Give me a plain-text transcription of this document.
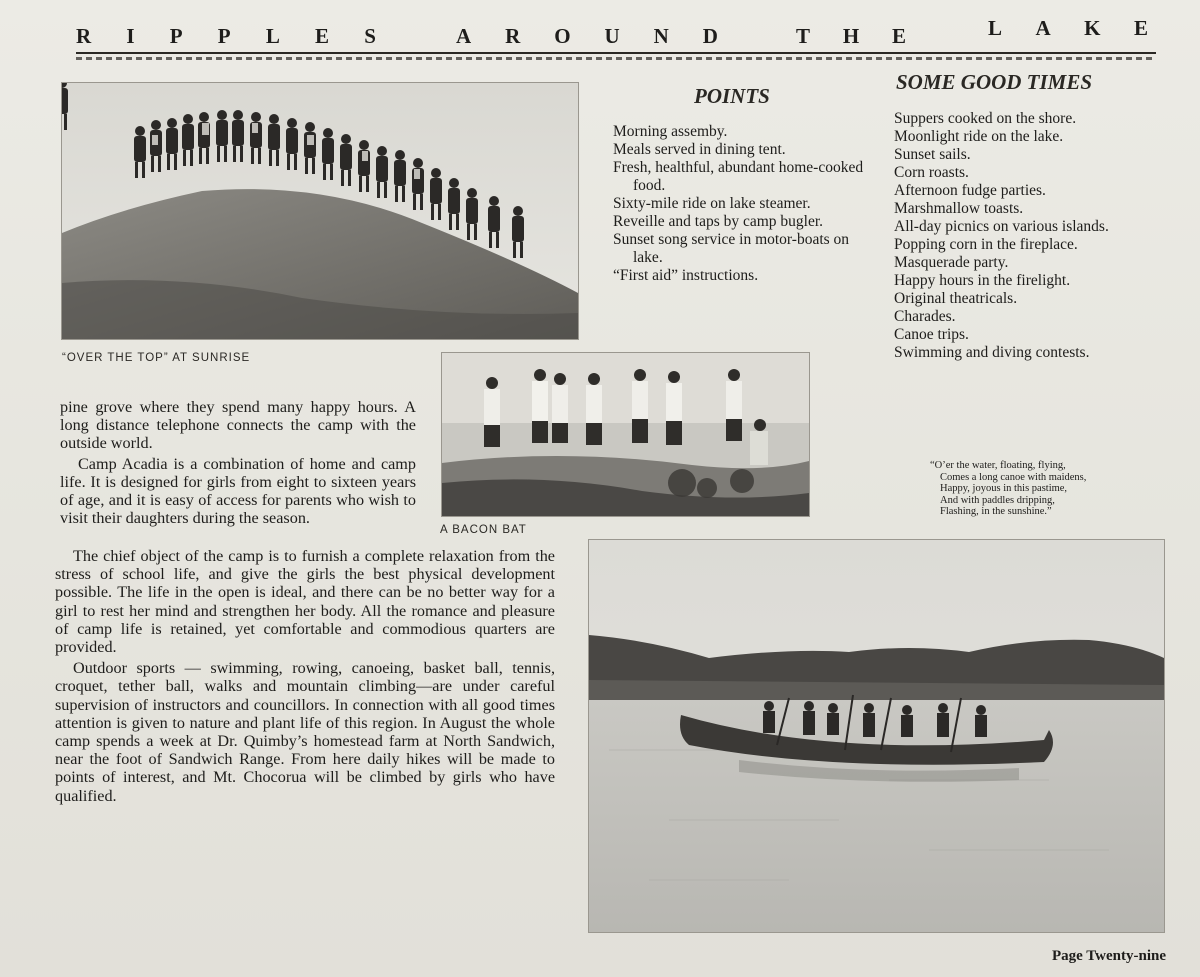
R I P P L E S	A R O U N D	T H E	L A K E
“OVER THE TOP” AT SUNRISE
A BACON BAT
POINTS
Morning assemby.
Meals served in dining tent.
Fresh, healthful, abundant home-cooked food.
Sixty-mile ride on lake steamer.
Reveille and taps by camp bugler.
Sunset song service in motor-boats on lake.
“First aid” instructions.
SOME GOOD TIMES
Suppers cooked on the shore.
Moonlight ride on the lake.
Sunset sails.
Corn roasts.
Afternoon fudge parties.
Marshmallow toasts.
All-day picnics on various islands.
Popping corn in the fireplace.
Masquerade party.
Happy hours in the firelight.
Original theatricals.
Charades.
Canoe trips.
Swimming and diving contests.
“O’er the water, floating, flying,
Comes a long canoe with maidens,
Happy, joyous in this pastime,
And with paddles dripping,
Flashing, in the sunshine.”

pine grove where they spend many happy hours. A long distance telephone connects the camp with the outside world.

Camp Acadia is a combination of home and camp life. It is designed for girls from eight to sixteen years of age, and it is easy of access for parents who wish to visit their daughters during the season.

The chief object of the camp is to furnish a complete relaxation from the stress of school life, and give the girls the best physical development possible. The life in the open is ideal, and there can be no better way for a girl to rest her mind and strengthen her body. All the romance and pleasure of camp life is retained, yet comfortable and commodious quarters are provided.

Outdoor sports — swimming, rowing, canoeing, basket ball, tennis, croquet, tether ball, walks and mountain climbing—are under careful supervision of instructors and councillors. In connection with all good times attention is given to nature and plant life of this region. In August the whole camp spends a week at Dr. Quimby’s homestead farm at North Sandwich, near the foot of Sandwich Range. From here daily hikes will be made to points of interest, and Mt. Chocorua will be climbed by girls who have qualified.

Page Twenty-nine
